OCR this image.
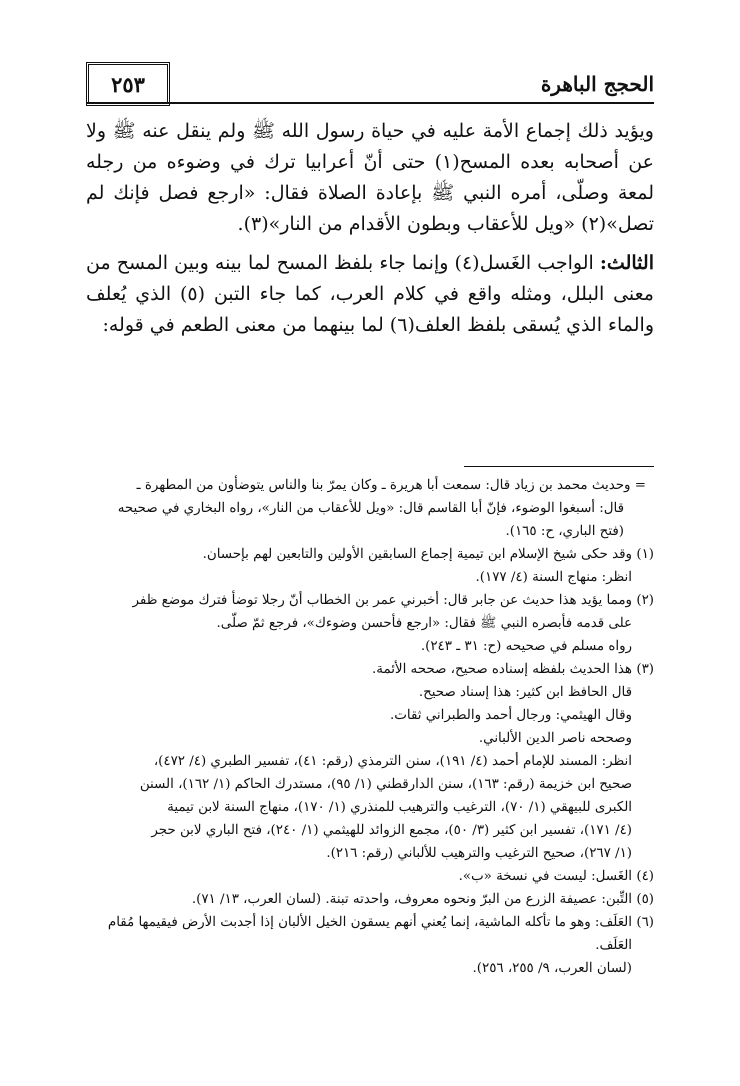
الحجج الباهرة
٢٥٣

ويؤيد ذلك إجماع الأمة عليه في حياة رسول الله ﷺ ولم ينقل عنه ﷺ ولا عن أصحابه بعده المسح(١) حتى أنّ أعرابيا ترك في وضوءه من رجله لمعة وصلّى، أمره النبي ﷺ بإعادة الصلاة فقال: «ارجع فصل فإنك لم تصل»(٢) «ويل للأعقاب وبطون الأقدام من النار»(٣).

الثالث: الواجب الغَسل(٤) وإنما جاء بلفظ المسح لما بينه وبين المسح من معنى البلل، ومثله واقع في كلام العرب، كما جاء التبن (٥) الذي يُعلف والماء الذي يُسقى بلفظ العلف(٦) لما بينهما من معنى الطعم في قوله:

= وحديث محمد بن زياد قال: سمعت أبا هريرة ـ وكان يمرّ بنا والناس يتوضأون من المطهرة ـ
قال: أسبغوا الوضوء، فإنّ أبا القاسم قال: «ويل للأعقاب من النار»، رواه البخاري في صحيحه
(فتح الباري، ح: ١٦٥).
(١)
وقد حكى شيخ الإسلام ابن تيمية إجماع السابقين الأولين والتابعين لهم بإحسان.
انظر: منهاج السنة (٤/ ١٧٧).
(٢)
ومما يؤيد هذا حديث عن جابر قال: أخبرني عمر بن الخطاب أنّ رجلا توضأ فترك موضع ظفر
على قدمه فأبصره النبي ﷺ فقال: «ارجع فأحسن وضوءك»، فرجع ثمّ صلّى.
رواه مسلم في صحيحه (ح: ٣١ ـ ٢٤٣).
(٣)
هذا الحديث بلفظه إسناده صحيح، صححه الأئمة.
قال الحافظ ابن كثير: هذا إسناد صحيح.
وقال الهيثمي: ورجال أحمد والطبراني ثقات.
وصححه ناصر الدين الألباني.
انظر: المسند للإمام أحمد (٤/ ١٩١)، سنن الترمذي (رقم: ٤١)، تفسير الطبري (٤/ ٤٧٢)،
صحيح ابن خزيمة (رقم: ١٦٣)، سنن الدارقطني (١/ ٩٥)، مستدرك الحاكم (١/ ١٦٢)، السنن
الكبرى للبيهقي (١/ ٧٠)، الترغيب والترهيب للمنذري (١/ ١٧٠)، منهاج السنة لابن تيمية
(٤/ ١٧١)، تفسير ابن كثير (٣/ ٥٠)، مجمع الزوائد للهيثمي (١/ ٢٤٠)، فتح الباري لابن حجر
(١/ ٢٦٧)، صحيح الترغيب والترهيب للألباني (رقم: ٢١٦).
(٤)
الغَسل: ليست في نسخة «ب».
(٥)
التِّبن: عصيفة الزرع من البرّ ونحوه معروف، واحدته تبنة. (لسان العرب، ١٣/ ٧١).
(٦)
العَلَف: وهو ما تأكله الماشية، إنما يُعني أنهم يسقون الخيل الألبان إذا أجدبت الأرض فيقيمها مُقام
العَلَف.
(لسان العرب، ٩/ ٢٥٥، ٢٥٦).
